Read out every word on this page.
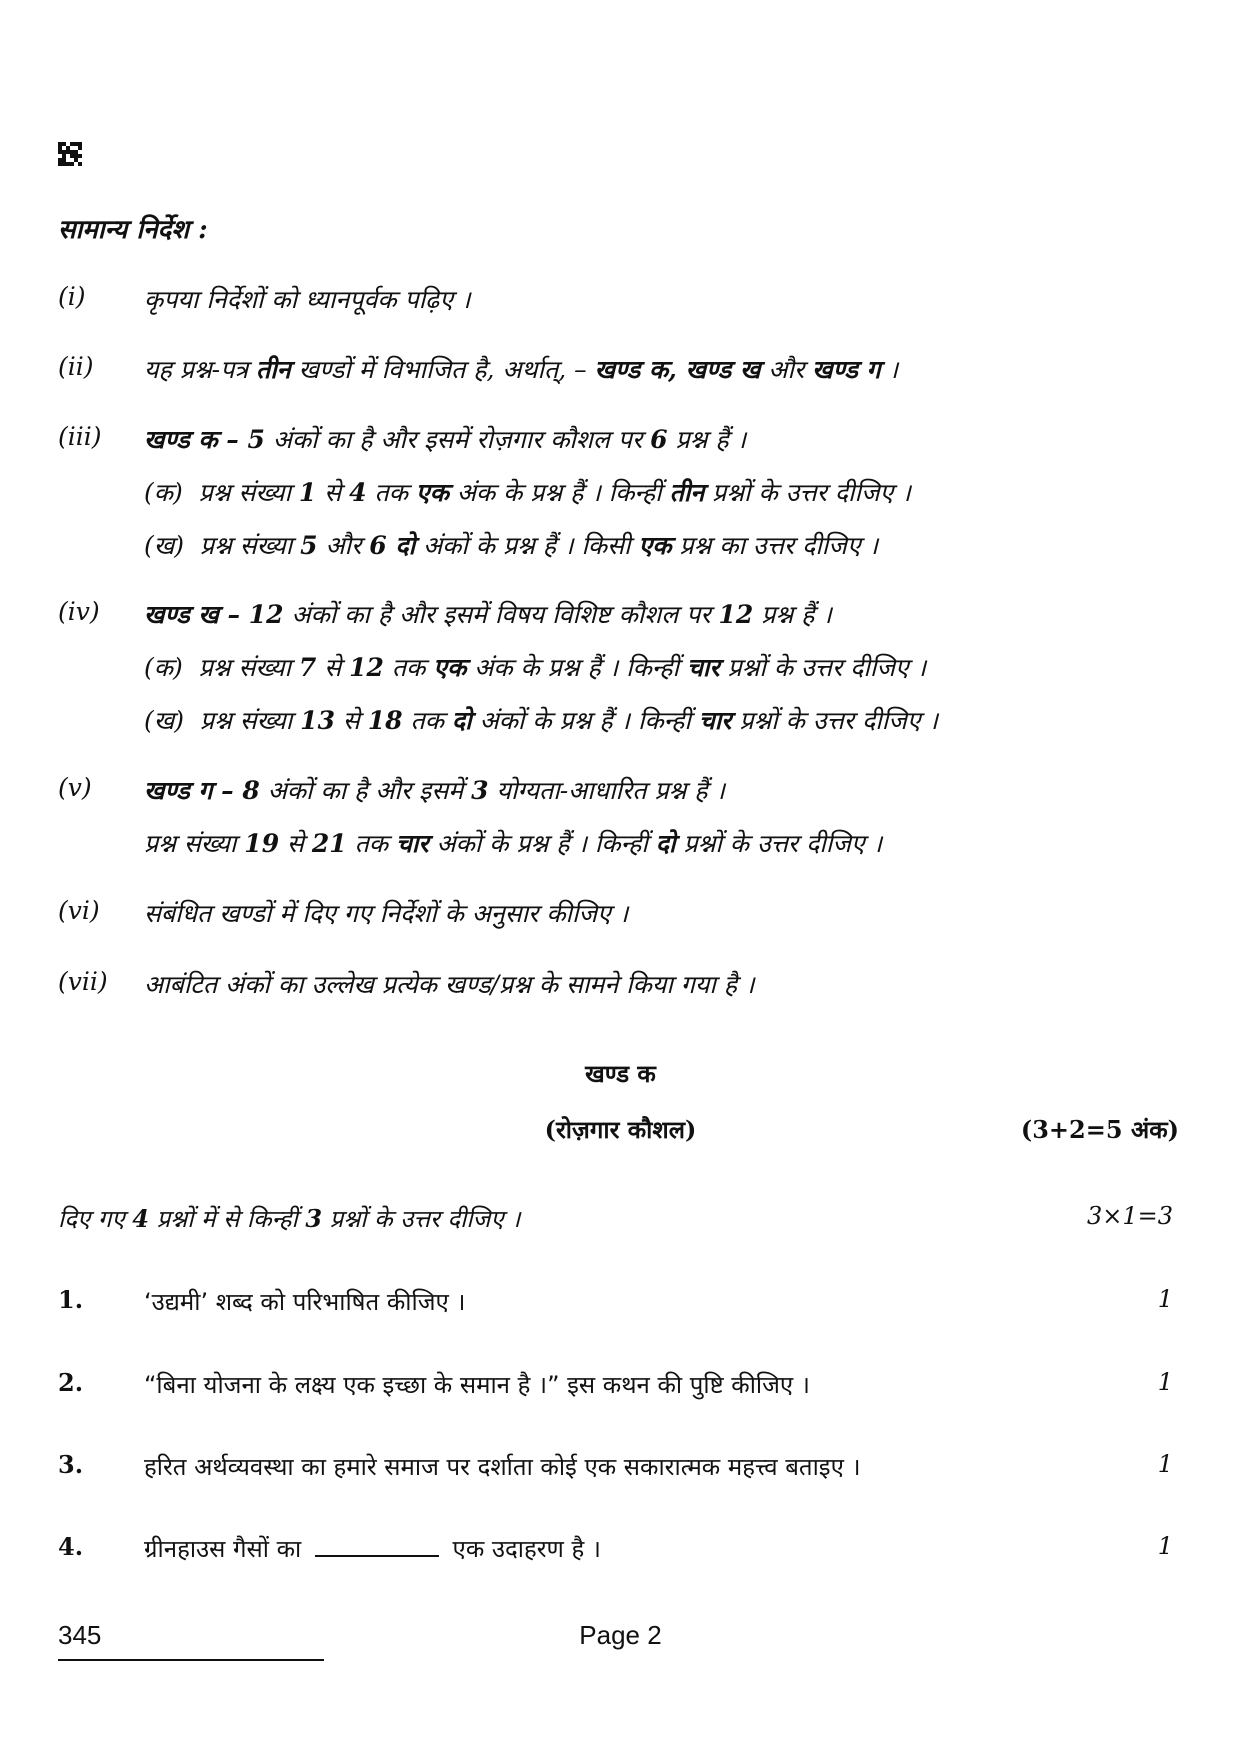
सामान्य निर्देश :
(i)	कृपया निर्देशों को ध्यानपूर्वक पढ़िए ।
(ii)	यह प्रश्न-पत्र तीन खण्डों में विभाजित है, अर्थात्, – खण्ड क, खण्ड ख और खण्ड ग ।
(iii)	खण्ड क – 5 अंकों का है और इसमें रोज़गार कौशल पर 6 प्रश्न हैं ।
(क) प्रश्न संख्या 1 से 4 तक एक अंक के प्रश्न हैं । किन्हीं तीन प्रश्नों के उत्तर दीजिए ।
(ख) प्रश्न संख्या 5 और 6 दो अंकों के प्रश्न हैं । किसी एक प्रश्न का उत्तर दीजिए ।
(iv)	खण्ड ख – 12 अंकों का है और इसमें विषय विशिष्ट कौशल पर 12 प्रश्न हैं ।
(क) प्रश्न संख्या 7 से 12 तक एक अंक के प्रश्न हैं । किन्हीं चार प्रश्नों के उत्तर दीजिए ।
(ख) प्रश्न संख्या 13 से 18 तक दो अंकों के प्रश्न हैं । किन्हीं चार प्रश्नों के उत्तर दीजिए ।
(v)	खण्ड ग – 8 अंकों का है और इसमें 3 योग्यता-आधारित प्रश्न हैं ।
प्रश्न संख्या 19 से 21 तक चार अंकों के प्रश्न हैं । किन्हीं दो प्रश्नों के उत्तर दीजिए ।
(vi)	संबंधित खण्डों में दिए गए निर्देशों के अनुसार कीजिए ।
(vii)	आबंटित अंकों का उल्लेख प्रत्येक खण्ड/प्रश्न के सामने किया गया है ।
खण्ड क
(रोज़गार कौशल)	(3+2=5 अंक)
दिए गए 4 प्रश्नों में से किन्हीं 3 प्रश्नों के उत्तर दीजिए ।	3×1=3
1.	‘उद्यमी’ शब्द को परिभाषित कीजिए ।	1
2.	“बिना योजना के लक्ष्य एक इच्छा के समान है ।” इस कथन की पुष्टि कीजिए ।	1
3.	हरित अर्थव्यवस्था का हमारे समाज पर दर्शाता कोई एक सकारात्मक महत्त्व बताइए ।	1
4.	ग्रीनहाउस गैसों का	एक उदाहरण है ।	1
345	Page 2
